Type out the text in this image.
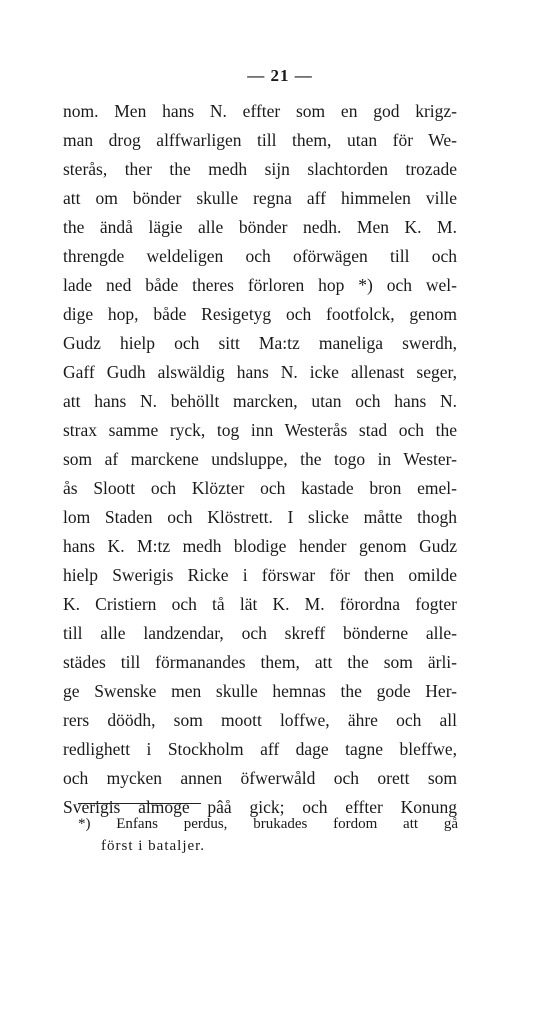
— 21 —
nom. Men hans N. effter som en god krigz-
man drog alffwarligen till them, utan för We-
sterås, ther the medh sijn slachtorden trozade
att om bönder skulle regna aff himmelen ville
the ändå lägie alle bönder nedh. Men K. M.
threngde weldeligen och oförwägen till och
lade ned både theres förloren hop *) och wel-
dige hop, både Resigetyg och footfolck, genom
Gudz hielp och sitt Ma:tz maneliga swerdh,
Gaff Gudh alswäldig hans N. icke allenast seger,
att hans N. behöllt marcken, utan och hans N.
strax samme ryck, tog inn Westerås stad och the
som af marckene undsluppe, the togo in Wester-
ås Sloott och Klözter och kastade bron emel-
lom Staden och Klöstrett. I slicke måtte thogh
hans K. M:tz medh blodige hender genom Gudz
hielp Swerigis Ricke i förswar för then omilde
K. Cristiern och tå lät K. M. förordna fogter
till alle landzendar, och skreff bönderne alle-
städes till förmanandes them, att the som ärli-
ge Swenske men skulle hemnas the gode Her-
rers döödh, som moott loffwe, ähre och all
redlighett i Stockholm aff dage tagne bleffwe,
och mycken annen öfwerwåld och orett som
Sverigis almoge pâå gick; och effter Konung
*) Enfans perdus, brukades fordom att gå
först i bataljer.
